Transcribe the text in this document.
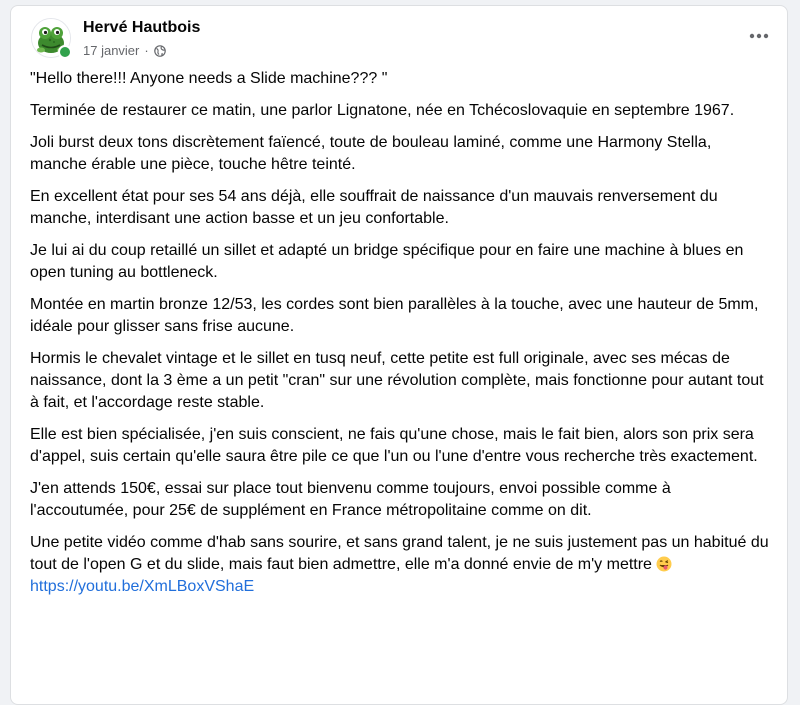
Hervé Hautbois
17 janvier ·

"Hello there!!! Anyone needs a Slide machine??? "

Terminée de restaurer ce matin, une parlor Lignatone, née en Tchécoslovaquie en septembre 1967.

Joli burst deux tons discrètement faïencé, toute de bouleau laminé, comme une Harmony Stella, manche érable une pièce, touche hêtre teinté.

En excellent état pour ses 54 ans déjà, elle souffrait de naissance d'un mauvais renversement du manche, interdisant une action basse et un jeu confortable.

Je lui ai du coup retaillé un sillet et adapté un bridge spécifique pour en faire une machine à blues en open tuning au bottleneck.

Montée en martin bronze 12/53, les cordes sont bien parallèles à la touche, avec une hauteur de 5mm, idéale pour glisser sans frise aucune.

Hormis le chevalet vintage et le sillet en tusq neuf, cette petite est full originale, avec ses mécas de naissance, dont la 3 ème a un petit "cran" sur une révolution complète, mais fonctionne pour autant tout à fait, et l'accordage reste stable.

Elle est bien spécialisée, j'en suis conscient, ne fais qu'une chose, mais le fait bien, alors son prix sera d'appel, suis certain qu'elle saura être pile ce que l'un ou l'une d'entre vous recherche très exactement.

J'en attends 150€, essai sur place tout bienvenu comme toujours, envoi possible comme à l'accoutumée, pour 25€ de supplément en France métropolitaine comme on dit.

Une petite vidéo comme d'hab sans sourire, et sans grand talent, je ne suis justement pas un habitué du tout de l'open G et du slide, mais faut bien admettre, elle m'a donné envie de m'y mettre
https://youtu.be/XmLBoxVShaE
